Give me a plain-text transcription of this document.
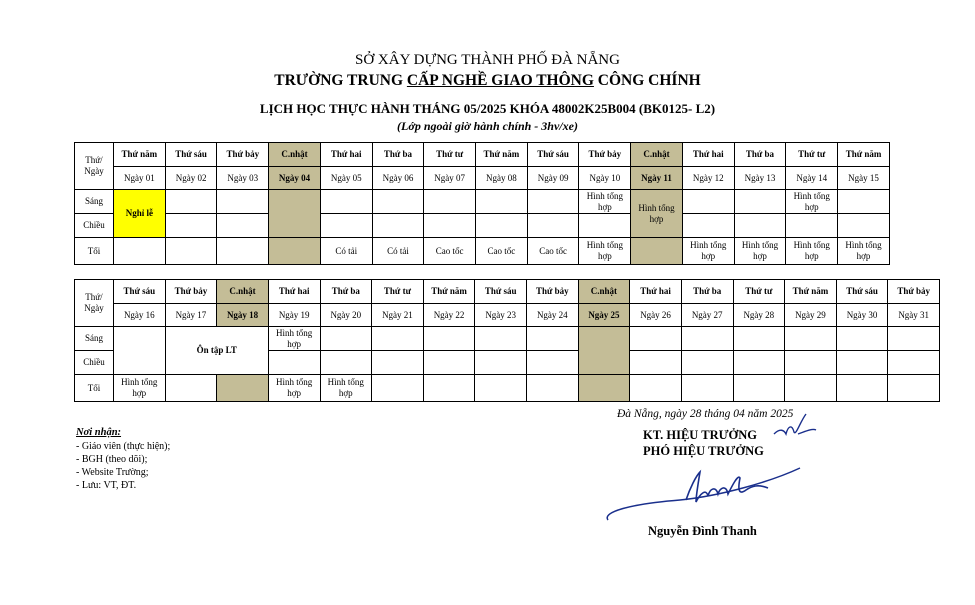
SỞ XÂY DỰNG THÀNH PHỐ ĐÀ NẴNG
TRƯỜNG TRUNG CẤP NGHỀ GIAO THÔNG CÔNG CHÍNH
LỊCH HỌC THỰC HÀNH THÁNG 05/2025 KHÓA 48002K25B004 (BK0125- L2)
(Lớp ngoài giờ hành chính - 3hv/xe)
Thứ/ Ngày	Thứ năm	Thứ sáu	Thứ bảy	C.nhật	Thứ hai	Thứ ba	Thứ tư	Thứ năm	Thứ sáu	Thứ bảy	C.nhật	Thứ hai	Thứ ba	Thứ tư	Thứ năm
	Ngày 01	Ngày 02	Ngày 03	Ngày 04	Ngày 05	Ngày 06	Ngày 07	Ngày 08	Ngày 09	Ngày 10	Ngày 11	Ngày 12	Ngày 13	Ngày 14	Ngày 15
Sáng	Nghỉ lễ									Hình tổng hợp	Hình tổng hợp			Hình tổng hợp	
Chiều															
Tối					Có tải	Có tải	Cao tốc	Cao tốc	Cao tốc	Hình tổng hợp		Hình tổng hợp	Hình tổng hợp	Hình tổng hợp	Hình tổng hợp
Thứ/ Ngày	Thứ sáu	Thứ bảy	C.nhật	Thứ hai	Thứ ba	Thứ tư	Thứ năm	Thứ sáu	Thứ bảy	C.nhật	Thứ hai	Thứ ba	Thứ tư	Thứ năm	Thứ sáu	Thứ bảy
	Ngày 16	Ngày 17	Ngày 18	Ngày 19	Ngày 20	Ngày 21	Ngày 22	Ngày 23	Ngày 24	Ngày 25	Ngày 26	Ngày 27	Ngày 28	Ngày 29	Ngày 30	Ngày 31
Sáng		Ôn tập LT		Hình tổng hợp												
Chiều																
Tối	Hình tổng hợp			Hình tổng hợp	Hình tổng hợp											
Nơi nhận:
- Giáo viên (thực hiện);
- BGH (theo dõi);
- Website Trường;
- Lưu: VT, ĐT.
Đà Nẵng, ngày 28 tháng 04 năm 2025
KT. HIỆU TRƯỞNG
PHÓ HIỆU TRƯỞNG
Nguyễn Đình Thanh
